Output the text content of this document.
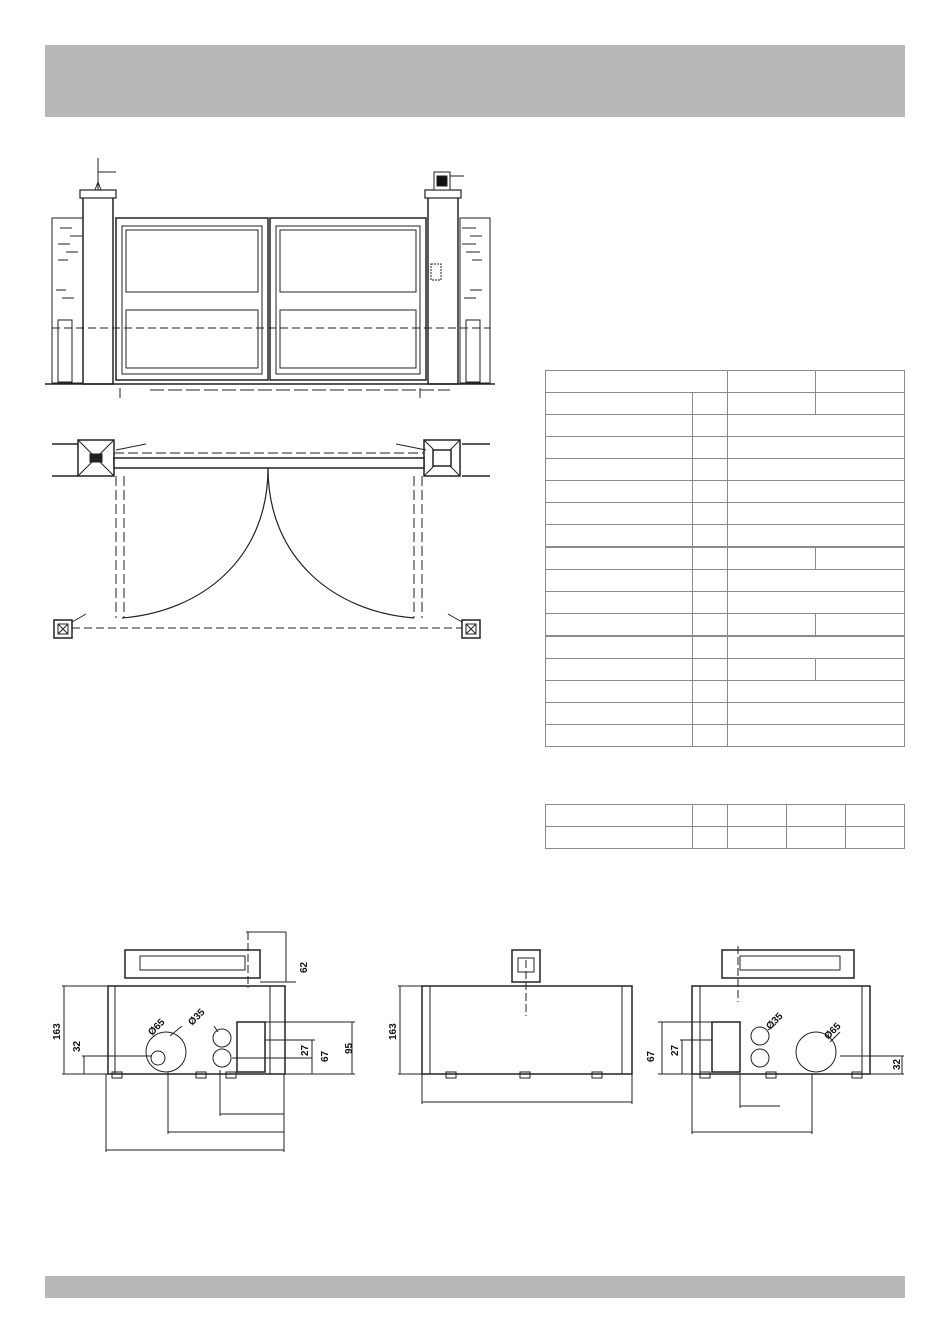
62
163
32
Ø65 Ø35
27
67
95
163
67
27
Ø35	Ø65
32
